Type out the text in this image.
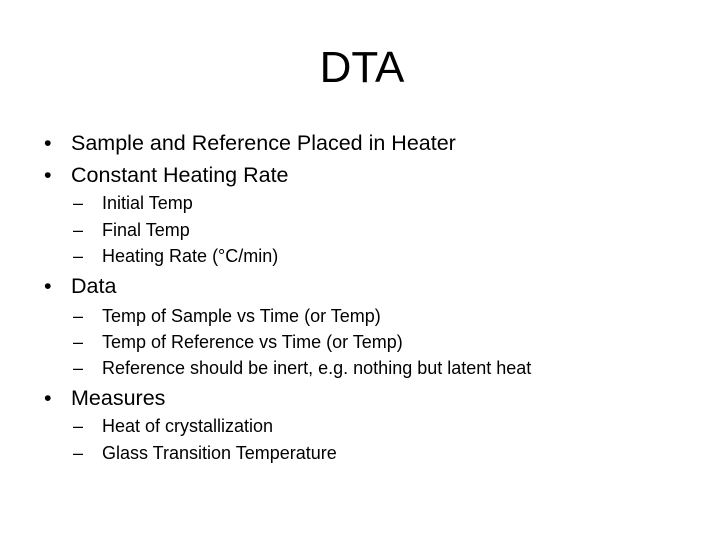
DTA
• Sample and Reference Placed in Heater
• Constant Heating Rate
– Initial Temp
– Final Temp
– Heating Rate (°C/min)
• Data
– Temp of Sample vs Time (or Temp)
– Temp of Reference vs Time (or Temp)
– Reference should be inert, e.g. nothing but latent heat
• Measures
– Heat of crystallization
– Glass Transition Temperature
